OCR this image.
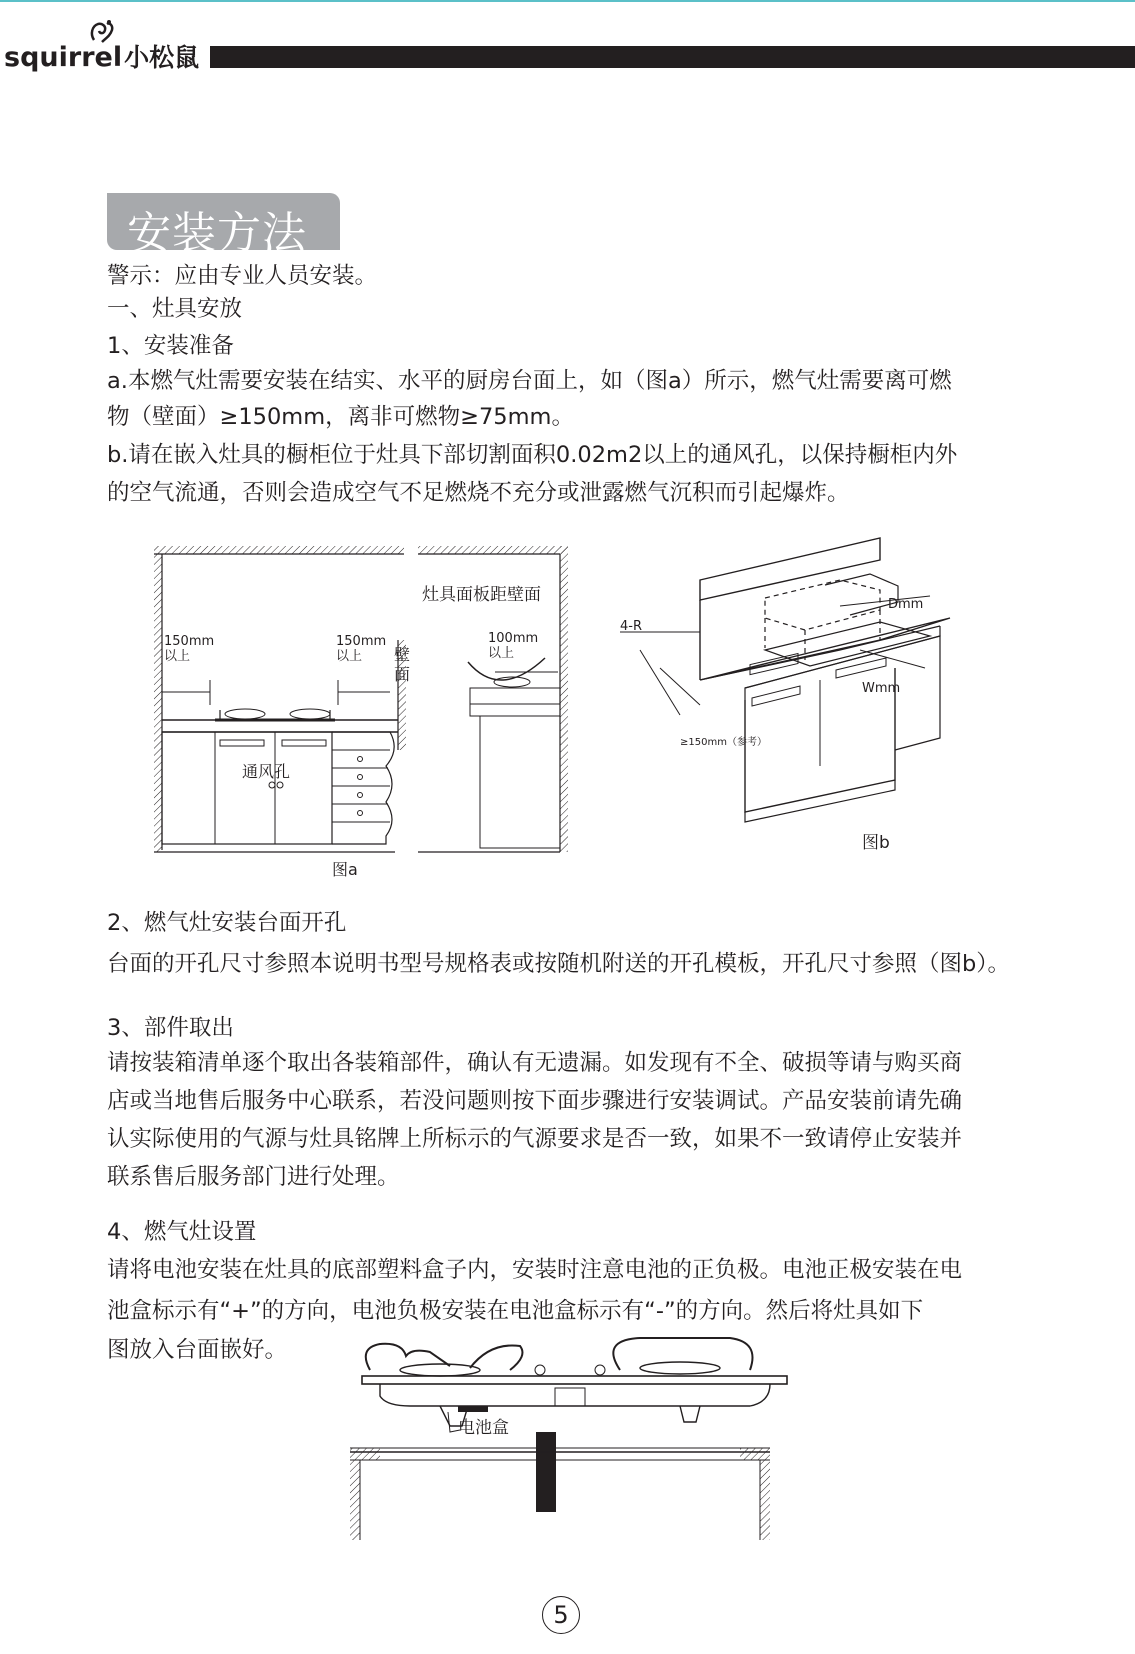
squirrel小松鼠
安装方法
警示：应由专业人员安装。
一、灶具安放
1、安装准备
a.本燃气灶需要安装在结实、水平的厨房台面上，如（图a）所示，燃气灶需要离可燃
物（壁面）≥150mm，离非可燃物≥75mm。
b.请在嵌入灶具的橱柜位于灶具下部切割面积0.02m2以上的通风孔，以保持橱柜内外
的空气流通，否则会造成空气不足燃烧不充分或泄露燃气沉积而引起爆炸。
150mm
以上
150mm
以上 壁
面
通风孔
图a
灶具面板距壁面
100mm
以上
4-R
Dmm
Wmm
≥150mm（参考）
图b
2、燃气灶安装台面开孔
台面的开孔尺寸参照本说明书型号规格表或按随机附送的开孔模板，开孔尺寸参照（图b）。
3、部件取出
请按装箱清单逐个取出各装箱部件，确认有无遗漏。如发现有不全、破损等请与购买商
店或当地售后服务中心联系，若没问题则按下面步骤进行安装调试。产品安装前请先确
认实际使用的气源与灶具铭牌上所标示的气源要求是否一致，如果不一致请停止安装并
联系售后服务部门进行处理。
4、燃气灶设置
请将电池安装在灶具的底部塑料盒子内，安装时注意电池的正负极。电池正极安装在电
池盒标示有“+”的方向，电池负极安装在电池盒标示有“-”的方向。然后将灶具如下
图放入台面嵌好。
电池盒
5
